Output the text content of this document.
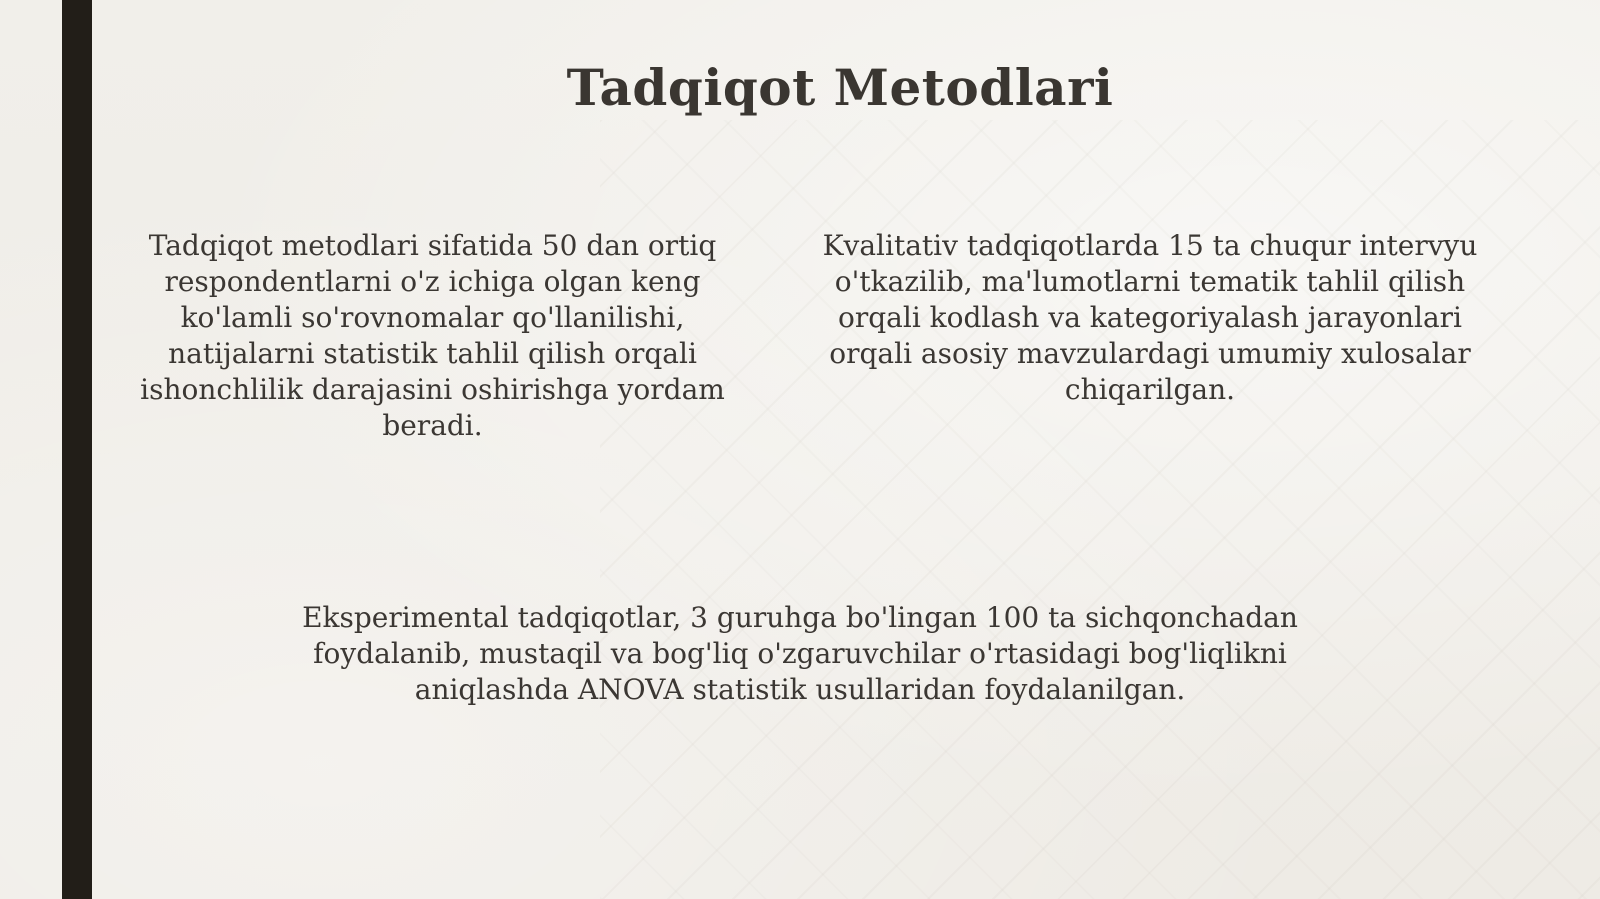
Tadqiqot Metodlari
Tadqiqot metodlari sifatida 50 dan ortiq
respondentlarni o'z ichiga olgan keng
ko'lamli so'rovnomalar qo'llanilishi,
natijalarni statistik tahlil qilish orqali
ishonchlilik darajasini oshirishga yordam
beradi.
Kvalitativ tadqiqotlarda 15 ta chuqur intervyu
o'tkazilib, ma'lumotlarni tematik tahlil qilish
orqali kodlash va kategoriyalash jarayonlari
orqali asosiy mavzulardagi umumiy xulosalar
chiqarilgan.
Eksperimental tadqiqotlar, 3 guruhga bo'lingan 100 ta sichqonchadan
foydalanib, mustaqil va bog'liq o'zgaruvchilar o'rtasidagi bog'liqlikni
aniqlashda ANOVA statistik usullaridan foydalanilgan.
